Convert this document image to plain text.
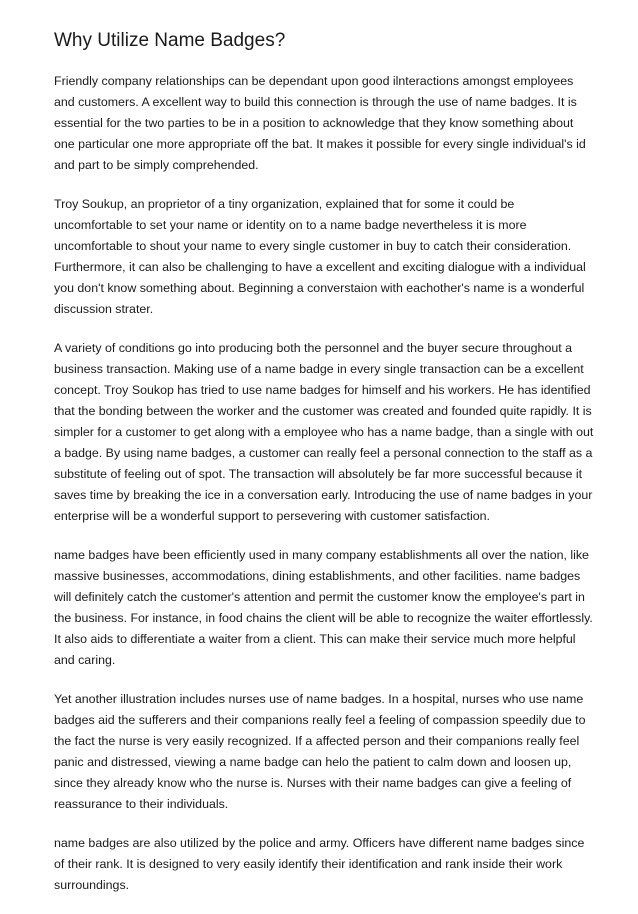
Why Utilize Name Badges?

Friendly company relationships can be dependant upon good ilnteractions amongst employees and customers. A excellent way to build this connection is through the use of name badges. It is essential for the two parties to be in a position to acknowledge that they know something about one particular one more appropriate off the bat. It makes it possible for every single individual's id and part to be simply comprehended.

Troy Soukup, an proprietor of a tiny organization, explained that for some it could be uncomfortable to set your name or identity on to a name badge nevertheless it is more uncomfortable to shout your name to every single customer in buy to catch their consideration. Furthermore, it can also be challenging to have a excellent and exciting dialogue with a individual you don't know something about. Beginning a converstaion with eachother's name is a wonderful discussion strater.

A variety of conditions go into producing both the personnel and the buyer secure throughout a business transaction. Making use of a name badge in every single transaction can be a excellent concept. Troy Soukop has tried to use name badges for himself and his workers. He has identified that the bonding between the worker and the customer was created and founded quite rapidly. It is simpler for a customer to get along with a employee who has a name badge, than a single with out a badge. By using name badges, a customer can really feel a personal connection to the staff as a substitute of feeling out of spot. The transaction will absolutely be far more successful because it saves time by breaking the ice in a conversation early. Introducing the use of name badges in your enterprise will be a wonderful support to persevering with customer satisfaction.

name badges have been efficiently used in many company establishments all over the nation, like massive businesses, accommodations, dining establishments, and other facilities. name badges will definitely catch the customer's attention and permit the customer know the employee's part in the business. For instance, in food chains the client will be able to recognize the waiter effortlessly. It also aids to differentiate a waiter from a client. This can make their service much more helpful and caring.

Yet another illustration includes nurses use of name badges. In a hospital, nurses who use name badges aid the sufferers and their companions really feel a feeling of compassion speedily due to the fact the nurse is very easily recognized. If a affected person and their companions really feel panic and distressed, viewing a name badge can helo the patient to calm down and loosen up, since they already know who the nurse is. Nurses with their name badges can give a feeling of reassurance to their individuals.

name badges are also utilized by the police and army. Officers have different name badges since of their rank. It is designed to very easily identify their identification and rank inside their work surroundings.
